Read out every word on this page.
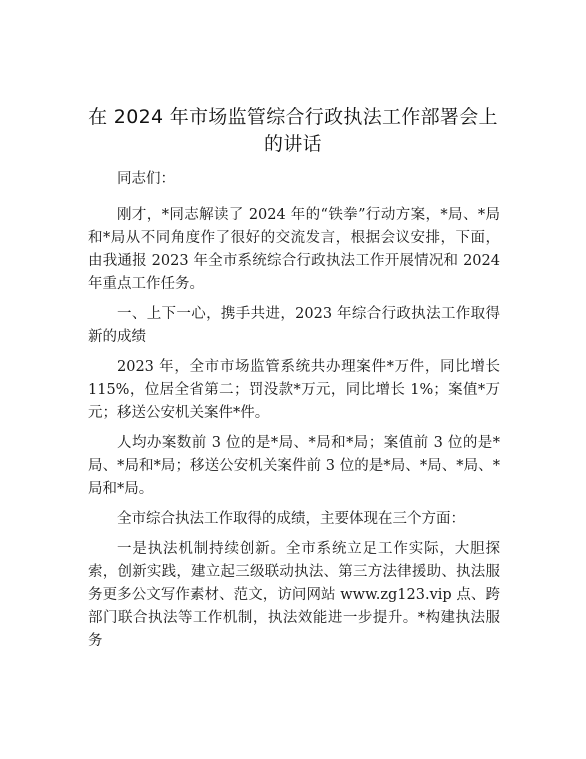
在 2024 年市场监管综合行政执法工作部署会上
的讲话

同志们：

刚才，*同志解读了 2024 年的“铁拳”行动方案，*局、*局和*局从不同角度作了很好的交流发言，根据会议安排，下面，由我通报 2023 年全市系统综合行政执法工作开展情况和 2024 年重点工作任务。

一、上下一心，携手共进，2023 年综合行政执法工作取得新的成绩

2023 年，全市市场监管系统共办理案件*万件，同比增长 115%，位居全省第二；罚没款*万元，同比增长 1%；案值*万元；移送公安机关案件*件。

人均办案数前 3 位的是*局、*局和*局；案值前 3 位的是*局、*局和*局；移送公安机关案件前 3 位的是*局、*局、*局、*局和*局。

全市综合执法工作取得的成绩，主要体现在三个方面：

一是执法机制持续创新。全市系统立足工作实际，大胆探索，创新实践，建立起三级联动执法、第三方法律援助、执法服务更多公文写作素材、范文，访问网站 www.zg123.vip 点、跨部门联合执法等工作机制，执法效能进一步提升。*构建执法服务
